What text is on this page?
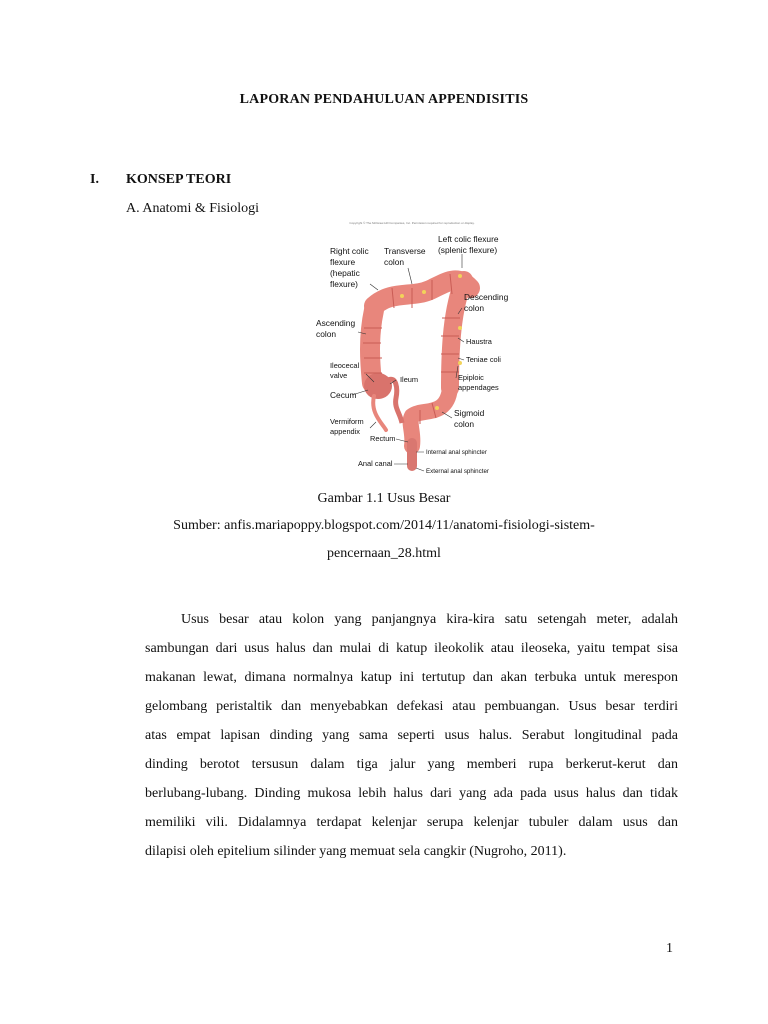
LAPORAN PENDAHULUAN APPENDISITIS
I. KONSEP TEORI
A. Anatomi & Fisiologi
Copyright © The McGraw-Hill Companies, Inc. Permission required for reproduction or display.
Right colic
flexure
(hepatic
flexure)
Transverse
colon
Left colic flexure
(splenic flexure)
Descending
colon
Ascending
colon
Haustra
Teniae coli
Ileocecal
valve	Ileum	Epiploic
appendages
Cecum
Vermiform
appendix
Sigmoid
colon
Rectum
Internal anal sphincter
Anal canal
External anal sphincter
Gambar 1.1 Usus Besar
Sumber: anfis.mariapoppy.blogspot.com/2014/11/anatomi-fisiologi-sistem-
pencernaan_28.html
Usus besar atau kolon yang panjangnya kira-kira satu setengah meter, adalah
sambungan dari usus halus dan mulai di katup ileokolik atau ileoseka, yaitu tempat sisa
makanan lewat, dimana normalnya katup ini tertutup dan akan terbuka untuk merespon
gelombang peristaltik dan menyebabkan defekasi atau pembuangan. Usus besar terdiri
atas empat lapisan dinding yang sama seperti usus halus. Serabut longitudinal pada
dinding berotot tersusun dalam tiga jalur yang memberi rupa berkerut-kerut dan
berlubang-lubang. Dinding mukosa lebih halus dari yang ada pada usus halus dan tidak
memiliki vili. Didalamnya terdapat kelenjar serupa kelenjar tubuler dalam usus dan
dilapisi oleh epitelium silinder yang memuat sela cangkir (Nugroho, 2011).
1
